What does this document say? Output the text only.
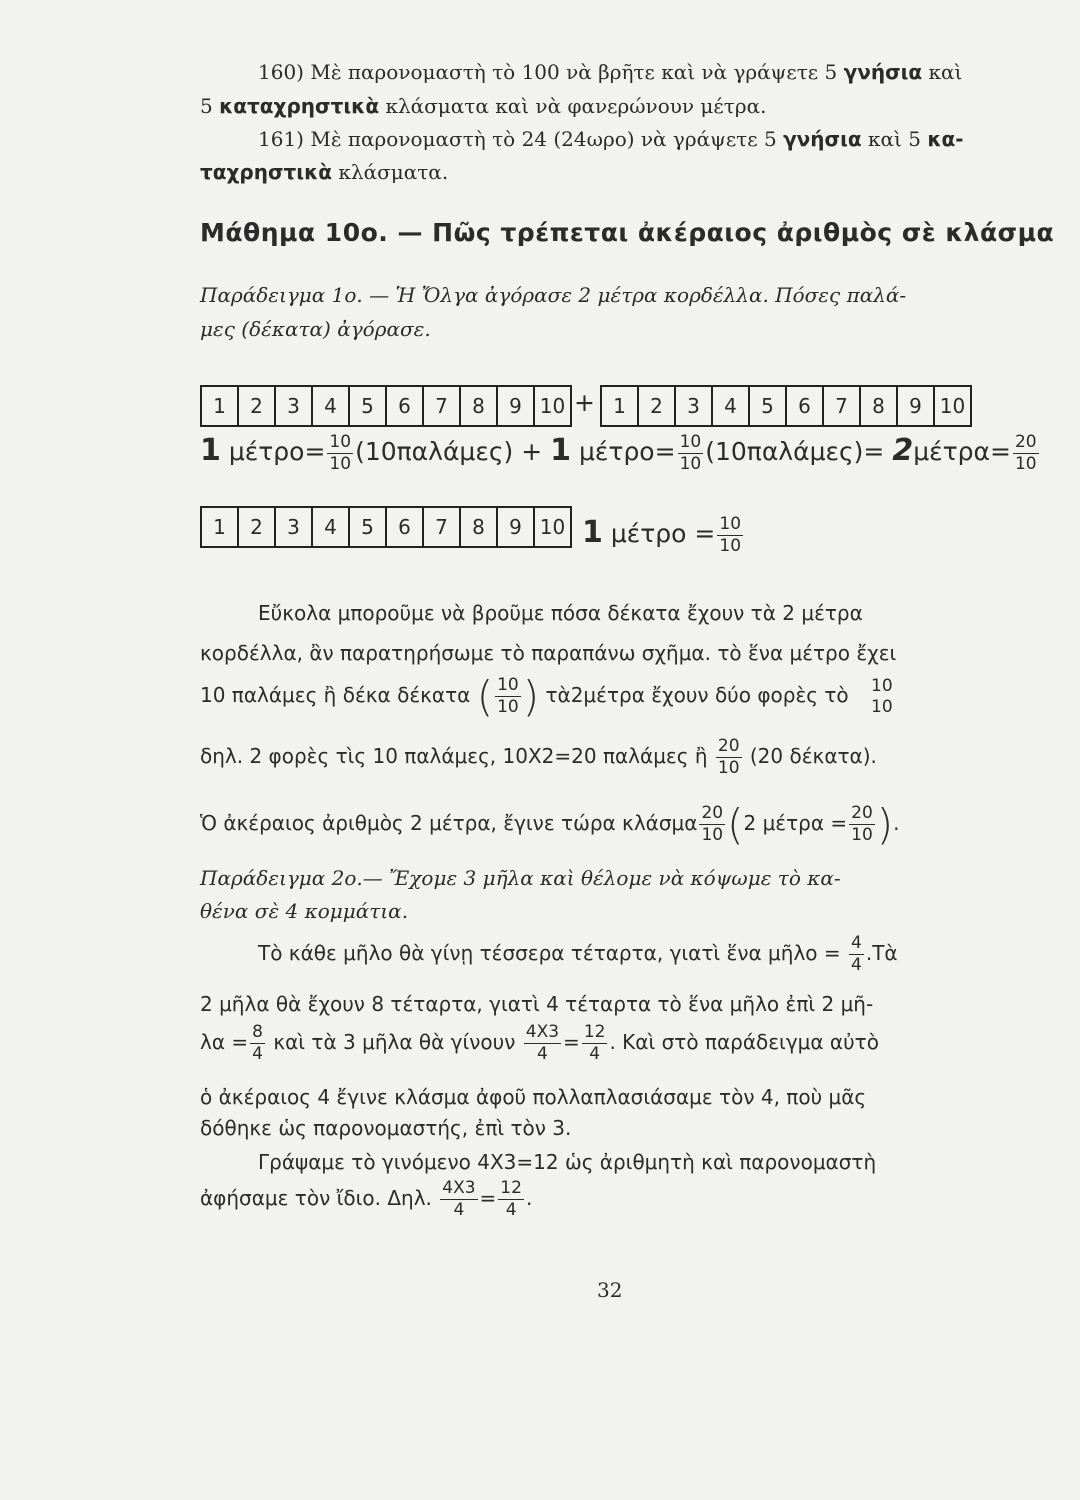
160) Μὲ παρονομαστὴ τὸ 100 νὰ βρῆτε καὶ νὰ γράψετε 5 γνήσια καὶ
5 καταχρηστικὰ κλάσματα καὶ νὰ φανερώνουν μέτρα.
161) Μὲ παρονομαστὴ τὸ 24 (24ωρο) νὰ γράψετε 5 γνήσια καὶ 5 κα-
ταχρηστικὰ κλάσματα.
Μάθημα 10ο. — Πῶς τρέπεται ἀκέραιος ἀριθμὸς σὲ κλάσμα
Παράδειγμα 1ο. — Ἡ Ὄλγα ἀγόρασε 2 μέτρα κορδέλλα. Πόσες παλά-
μες (δέκατα) ἀγόρασε.
1	2	3	4	5	6	7	8	9 10 + 1	2	3	4	5	6	7	8	9 10
1 $\mu έ\tau\rho o= \frac{10}{10} (10\pi\alpha\lambda ά\mu\varepsilon\varsigma) + 1$ $\mu έ\tau\rho o= \frac{10}{10} (10\pi\alpha\lambda ά\mu\varepsilon\varsigma)= 2\mu έ\tau\rho\alpha= \frac{20}{10}$
1	2	3	4	5	6	7	8	9 10 1 $\mu έ\tau\rho o = \frac{10}{10}$
Εὔκολα μποροῦμε νὰ βροῦμε πόσα δέκατα ἔχουν τὰ 2 μέτρα
κορδέλλα, ἂν παρατηρήσωμε τὸ παραπάνω σχῆμα. τὸ ἕνα μέτρο ἔχει
10 παλάμες ἢ δέκα δέκατα ( $\frac{10}{10}$ ) τὰ2μέτρα ἔχουν δύο φορὲς τὸ 10
10
δηλ. 2 φορὲς τὶς 10 παλάμες, 10X2=20 παλάμες ἢ $\frac{20}{10} (20$ δέκατα).
Ὁ ἀκέραιος ἀριθμὸς 2 μέτρα, ἔγινε τώρα κλάσμα $\frac{20}{10} (2$ $\mu έ\tau\rho\alpha = \frac{20}{10}$ ).
Παράδειγμα 2ο.— Ἔχομε 3 μῆλα καὶ θέλομε νὰ κόψωμε τὸ κα-
θένα σὲ 4 κομμάτια.
Τὸ κάθε μῆλο θὰ γίνῃ τέσσερα τέταρτα, γιατὶ ἕνα μῆλο = $\frac{4}{4}$ .Τὰ
2 μῆλα θὰ ἔχουν 8 τέταρτα, γιατὶ 4 τέταρτα τὸ ἕνα μῆλο ἐπὶ 2 μῆ-
$\lambda\alpha = \frac{8}{4}$ καὶ τὰ 3 μῆλα θὰ γίνουν $\frac{4X3}{4} = \frac{12}{4}$ . Καὶ στὸ παράδειγμα αὐτὸ
ὁ ἀκέραιος 4 ἔγινε κλάσμα ἀφοῦ πολλαπλασιάσαμε τὸν 4, ποὺ μᾶς
δόθηκε ὡς παρονομαστής, ἐπὶ τὸν 3.
Γράψαμε τὸ γινόμενο 4X3=12 ὡς ἀριθμητὴ καὶ παρονομαστὴ
ἀφήσαμε τὸν ἴδιο. Δηλ. $\frac{4X3}{4} = \frac{12}{4}$ .
32
